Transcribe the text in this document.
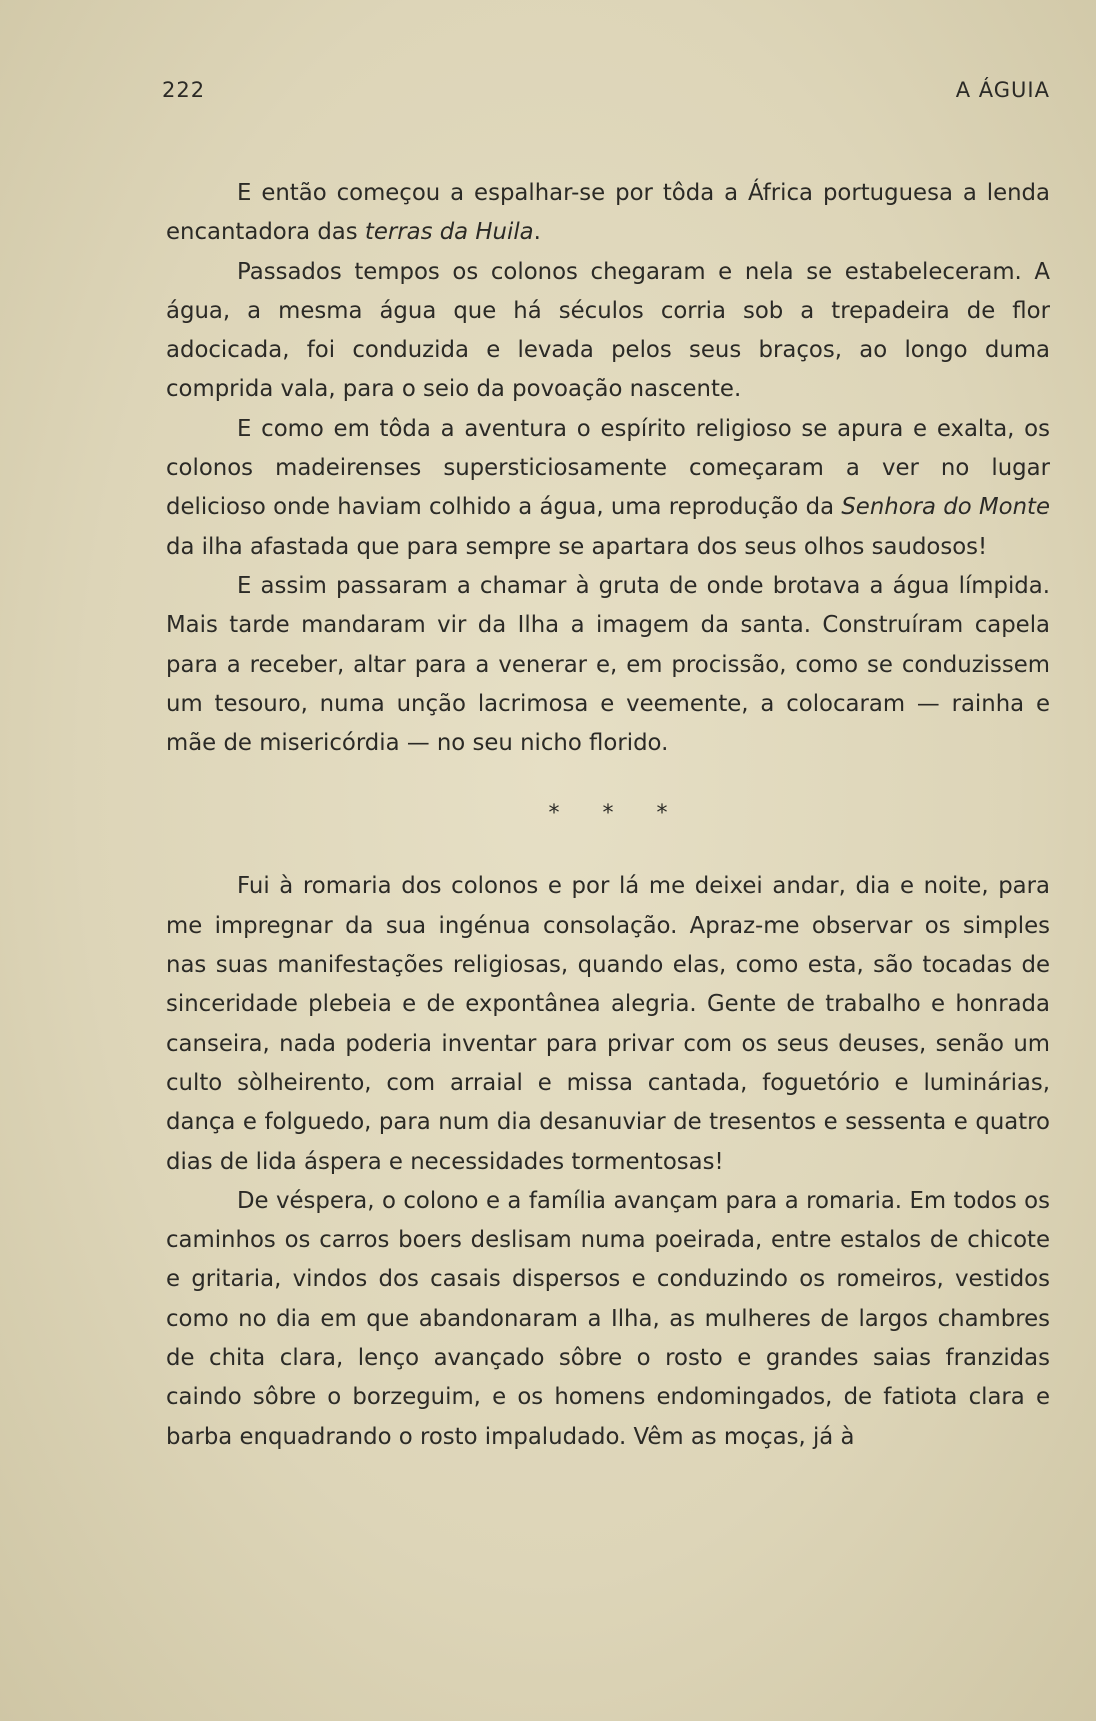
222	A ÁGUIA

E então começou a espalhar-se por tôda a África portuguesa a lenda encantadora das terras da Huila.

Passados tempos os colonos chegaram e nela se estabeleceram. A água, a mesma água que há séculos corria sob a trepadeira de flor adocicada, foi conduzida e levada pelos seus braços, ao longo duma comprida vala, para o seio da povoação nascente.

E como em tôda a aventura o espírito religioso se apura e exalta, os colonos madeirenses supersticiosamente começaram a ver no lugar delicioso onde haviam colhido a água, uma reprodução da Senhora do Monte da ilha afastada que para sempre se apartara dos seus olhos saudosos!

E assim passaram a chamar à gruta de onde brotava a água límpida. Mais tarde mandaram vir da Ilha a imagem da santa. Construíram capela para a receber, altar para a venerar e, em procissão, como se conduzissem um tesouro, numa unção lacrimosa e veemente, a colocaram — rainha e mãe de misericórdia — no seu nicho florido.

* * *

Fui à romaria dos colonos e por lá me deixei andar, dia e noite, para me impregnar da sua ingénua consolação. Apraz-me observar os simples nas suas manifestações religiosas, quando elas, como esta, são tocadas de sinceridade plebeia e de expontânea alegria. Gente de trabalho e honrada canseira, nada poderia inventar para privar com os seus deuses, senão um culto sòlheirento, com arraial e missa cantada, foguetório e luminárias, dança e folguedo, para num dia desanuviar de tresentos e sessenta e quatro dias de lida áspera e necessidades tormentosas!

De véspera, o colono e a família avançam para a romaria. Em todos os caminhos os carros boers deslisam numa poeirada, entre estalos de chicote e gritaria, vindos dos casais dispersos e conduzindo os romeiros, vestidos como no dia em que abandonaram a Ilha, as mulheres de largos chambres de chita clara, lenço avançado sôbre o rosto e grandes saias franzidas caindo sôbre o borzeguim, e os homens endomingados, de fatiota clara e barba enquadrando o rosto impaludado. Vêm as moças, já à
